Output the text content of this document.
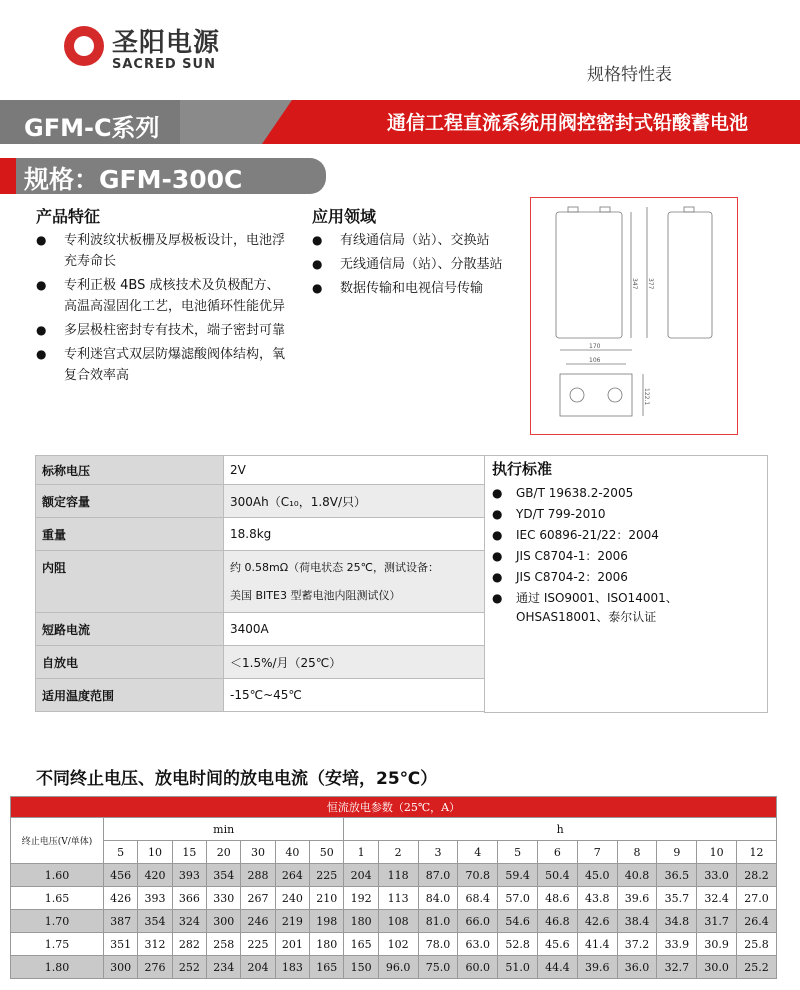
圣阳电源
SACRED SUN
规格特性表
GFM-C系列	通信工程直流系统用阀控密封式铅酸蓄电池
规格：GFM-300C
产品特征
● 专利波纹状板栅及厚极板设计，电池浮充寿命长
● 专利正极 4BS 成核技术及负极配方、高温高湿固化工艺，电池循环性能优异
● 多层极柱密封专有技术，端子密封可靠
● 专利迷宫式双层防爆滤酸阀体结构，氧复合效率高
应用领域
● 有线通信局（站）、交换站
● 无线通信局（站）、分散基站
● 数据传输和电视信号传输	347 377
170
106
122.1
标称电压	2V
额定容量	300Ah（C₁₀，1.8V/只）
重量	18.8kg
内阻	约 0.58mΩ（荷电状态 25℃，测试设备：
美国 BITE3 型蓄电池内阻测试仪）

短路电流	3400A
自放电	＜1.5%/月（25℃）
适用温度范围	-15℃~45℃
执行标准
● GB/T 19638.2-2005
● YD/T 799-2010
● IEC 60896-21/22：2004
● JIS C8704-1：2006
● JIS C8704-2：2006
● 通过 ISO9001、ISO14001、OHSAS18001、泰尔认证
不同终止电压、放电时间的放电电流（安培，25℃）
恒流放电参数（25℃，A）																		
终止电压(V/单体)	min							h										
	5	10	15	20	30	40	50	1	2	3	4	5	6	7	8	9	10	12
1.60	456	420	393	354	288	264	225	204	118	87.0	70.8	59.4	50.4	45.0	40.8	36.5	33.0	28.2
1.65	426	393	366	330	267	240	210	192	113	84.0	68.4	57.0	48.6	43.8	39.6	35.7	32.4	27.0
1.70	387	354	324	300	246	219	198	180	108	81.0	66.0	54.6	46.8	42.6	38.4	34.8	31.7	26.4
1.75	351	312	282	258	225	201	180	165	102	78.0	63.0	52.8	45.6	41.4	37.2	33.9	30.9	25.8
1.80	300	276	252	234	204	183	165	150	96.0	75.0	60.0	51.0	44.4	39.6	36.0	32.7	30.0	25.2
